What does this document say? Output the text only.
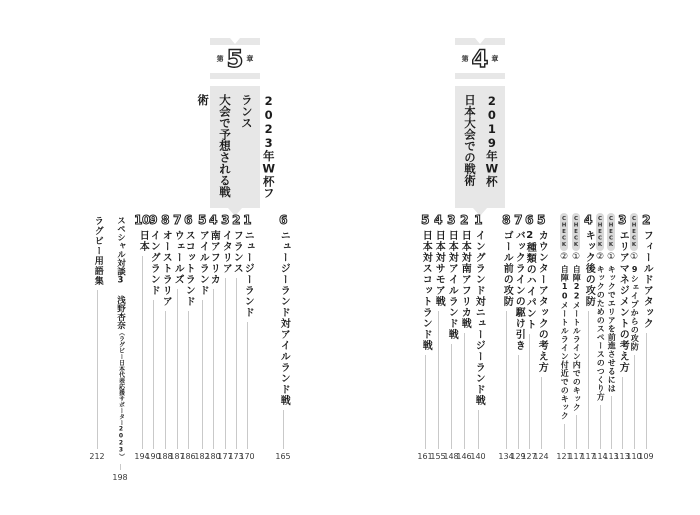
第 5 章
2023年W杯フランス
大会で予想される戦術
第 4 章
2019年W杯
日本大会での戦術
2
フィールドアタック
109
CHECK
①
9シェイプからの攻防
110
3
エリアマネジメントの考え方
113
CHECK
①
キックでエリアを前進させるには
113
CHECK
②
キックのためのスペースのつくり方
114
4
キック後の攻防
117
CHECK
①
自陣22メートルライン内でのキック
117
CHECK
②
自陣10メートルライン付近でのキック
121
5
カウンターアタックの考え方
124
6
2種類のハイパント
127
7
バックラインの駆け引き
129
8
ゴール前の攻防
134
1
イングランド対ニュージーランド戦
140
2
日本対南アフリカ戦
146
3
日本対アイルランド戦
148
4
日本対サモア戦
155
5
日本対スコットランド戦
161
6
ニュージーランド対アイルランド戦
165
1
ニュージーランド
170
2
フランス
173
3
イタリア
177
4
南アフリカ
180
5
アイルランド
182
6
スコットランド
186
7
ウェールズ
187
8
オーストラリア
188
9
イングランド
190
10
日本
194
スペシャル対談3 浅野杏奈（ラグビー日本代表応援サポーター2023）
198
ラグビー用語集
212
